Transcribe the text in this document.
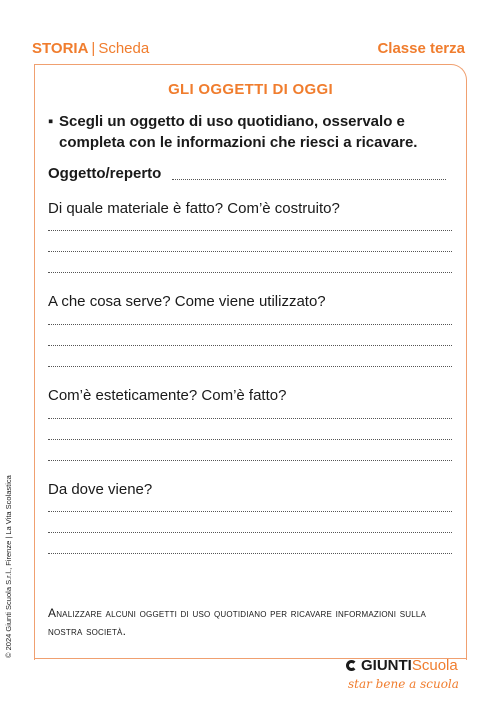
STORIA | Scheda	Classe terza
GLI OGGETTI DI OGGI
▪ Scegli un oggetto di uso quotidiano, osservalo e completa con le informazioni che riesci a ricavare.
Oggetto/reperto
Di quale materiale è fatto? Com’è costruito?
A che cosa serve? Come viene utilizzato?
Com’è esteticamente? Com’è fatto?
Da dove viene?
Analizzare alcuni oggetti di uso quotidiano per ricavare informazioni sulla nostra società.
© 2024 Giunti Scuola S.r.l., Firenze | La Vita Scolastica
GIUNTIScuola
star bene a scuola
